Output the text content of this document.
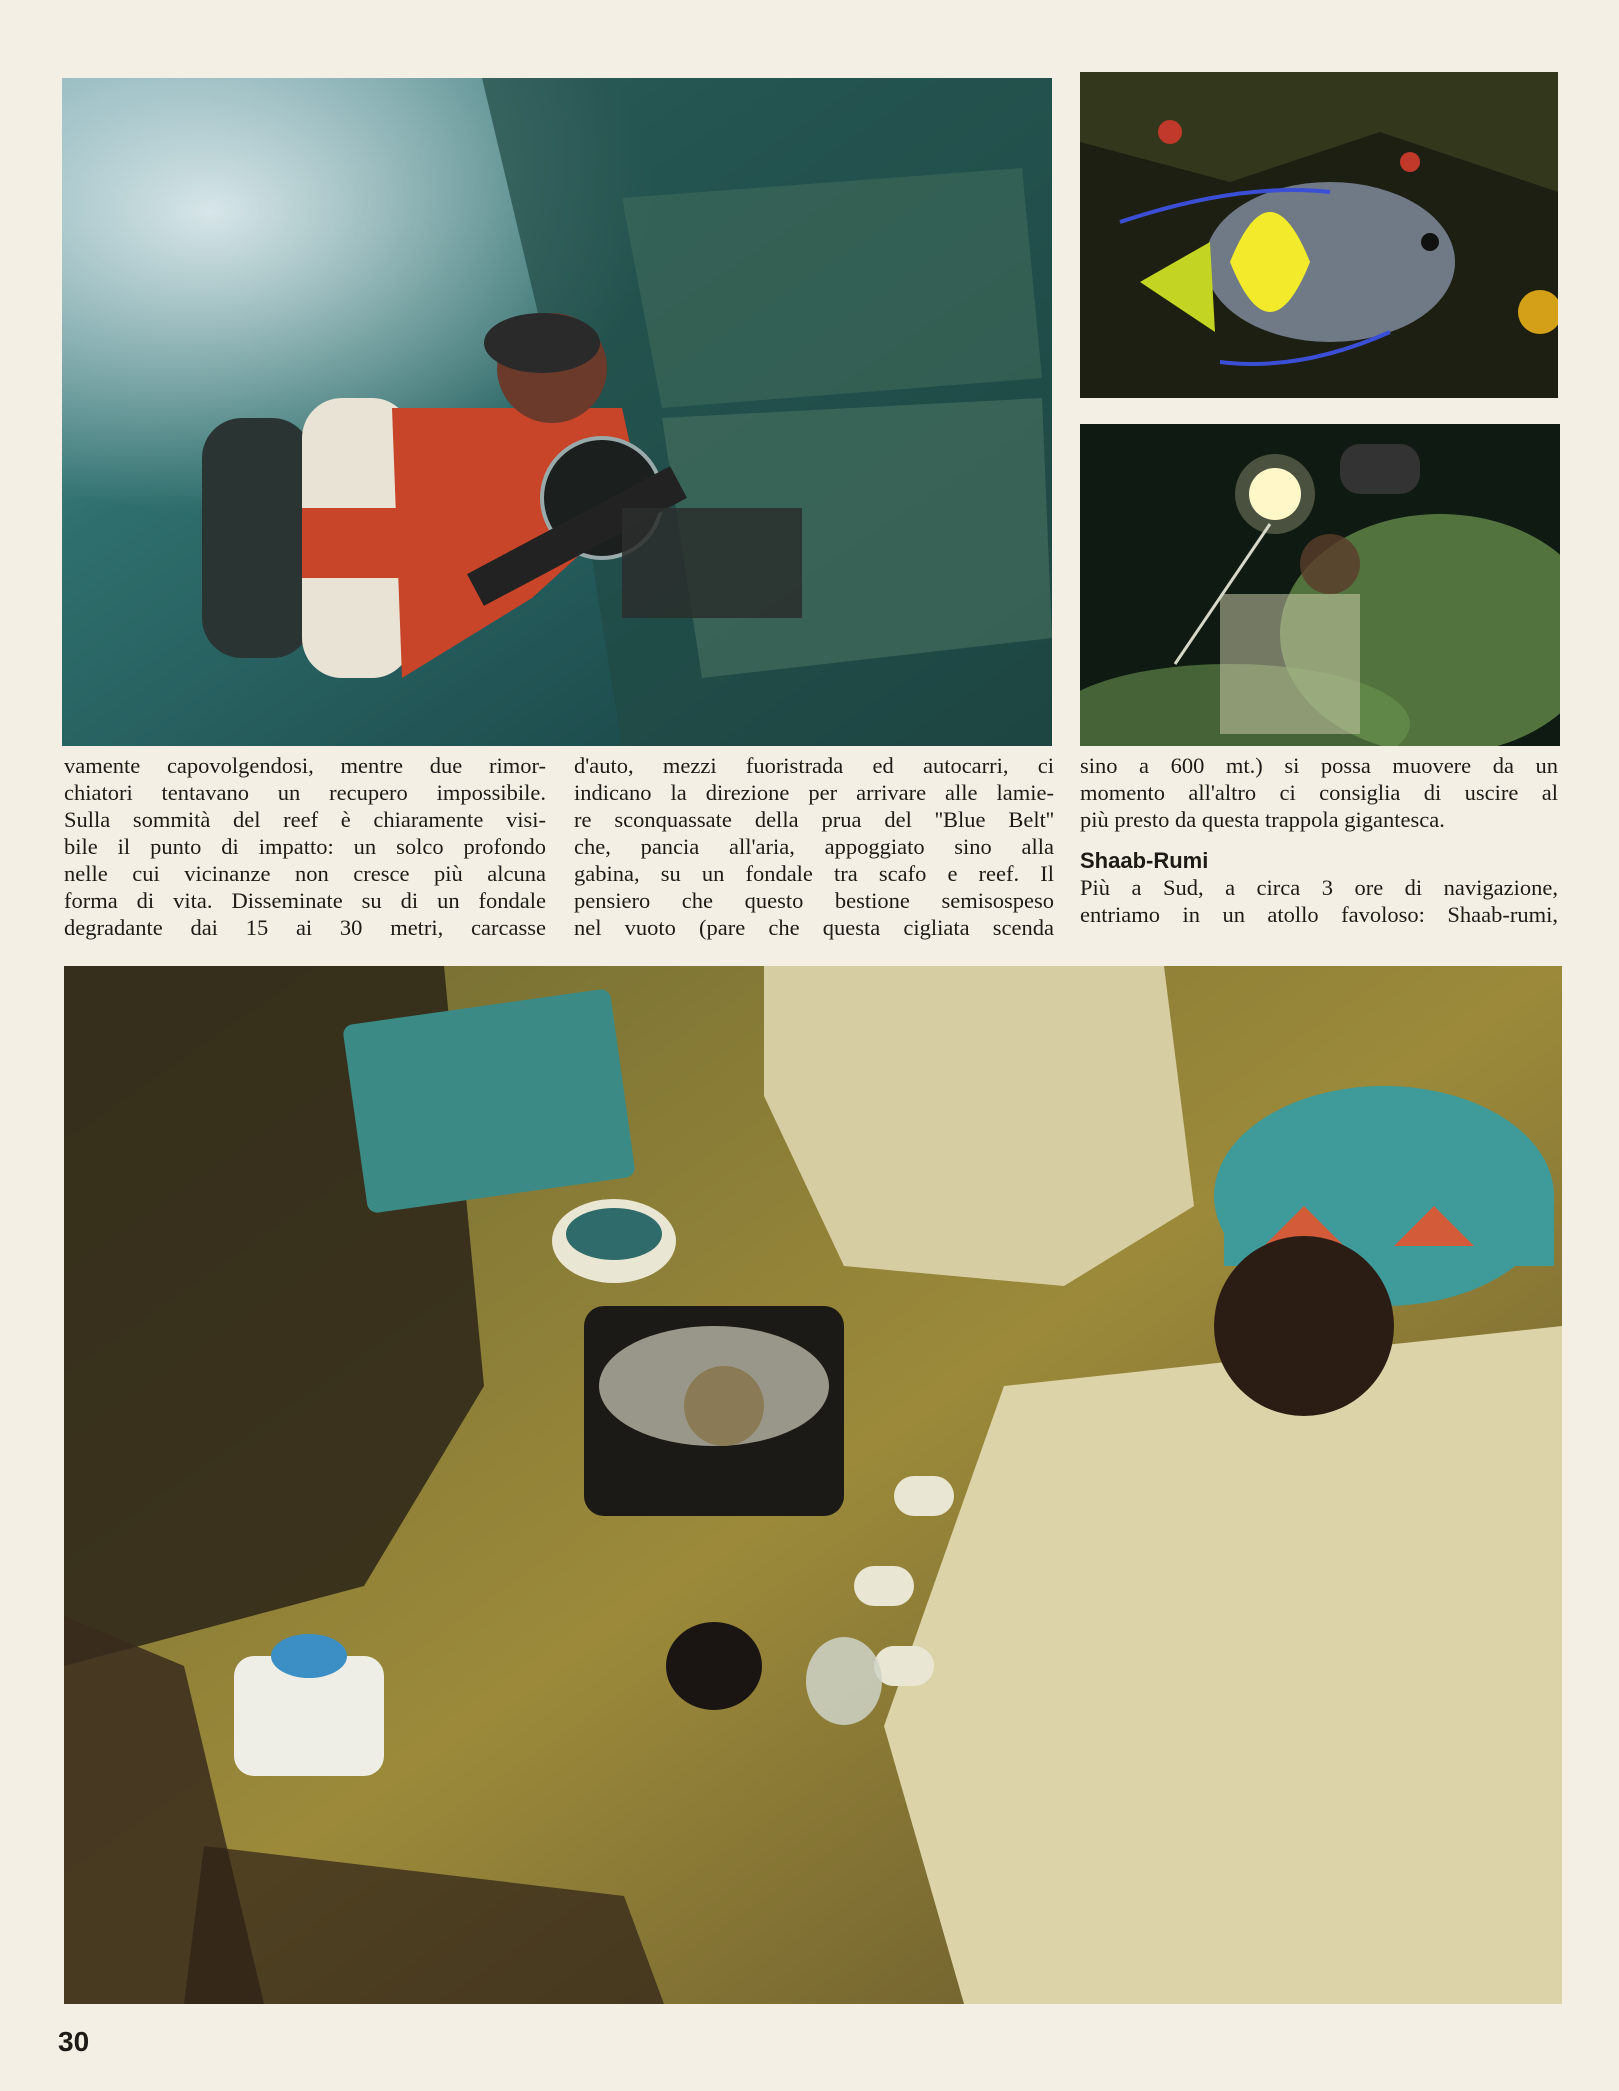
vamente capovolgendosi, mentre due rimor-
chiatori tentavano un recupero impossibile.
Sulla sommità del reef è chiaramente visi-
bile il punto di impatto: un solco profondo
nelle cui vicinanze non cresce più alcuna
forma di vita. Disseminate su di un fondale
degradante dai 15 ai 30 metri, carcasse
d'auto, mezzi fuoristrada ed autocarri, ci
indicano la direzione per arrivare alle lamie-
re sconquassate della prua del ''Blue Belt''
che, pancia all'aria, appoggiato sino alla
gabina, su un fondale tra scafo e reef. Il
pensiero che questo bestione semisospeso
nel vuoto (pare che questa cigliata scenda
sino a 600 mt.) si possa muovere da un
momento all'altro ci consiglia di uscire al
più presto da questa trappola gigantesca.
Shaab-Rumi
Più a Sud, a circa 3 ore di navigazione,
entriamo in un atollo favoloso: Shaab-rumi,
30
